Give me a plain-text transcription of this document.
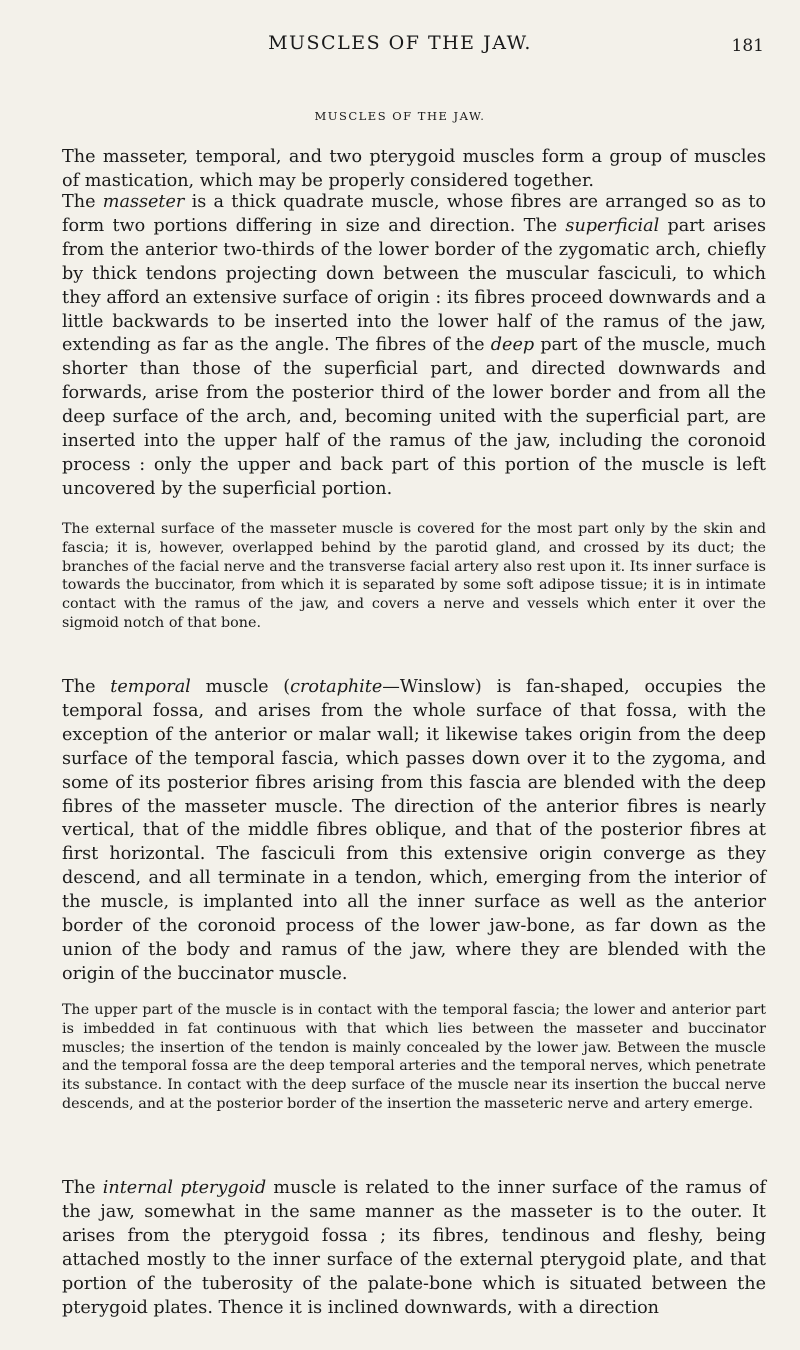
MUSCLES OF THE JAW.	181
MUSCLES OF THE JAW.

The masseter, temporal, and two pterygoid muscles form a group of muscles of mastication, which may be properly considered together.

The masseter is a thick quadrate muscle, whose fibres are arranged so as to form two portions differing in size and direction. The superficial part arises from the anterior two-thirds of the lower border of the zygomatic arch, chiefly by thick tendons projecting down between the muscular fasciculi, to which they afford an extensive surface of origin : its fibres proceed downwards and a little backwards to be inserted into the lower half of the ramus of the jaw, extending as far as the angle. The fibres of the deep part of the muscle, much shorter than those of the superficial part, and directed downwards and forwards, arise from the posterior third of the lower border and from all the deep surface of the arch, and, becoming united with the superficial part, are inserted into the upper half of the ramus of the jaw, including the coronoid process : only the upper and back part of this portion of the muscle is left uncovered by the superficial portion.

The external surface of the masseter muscle is covered for the most part only by the skin and fascia; it is, however, overlapped behind by the parotid gland, and crossed by its duct; the branches of the facial nerve and the transverse facial artery also rest upon it. Its inner surface is towards the buccinator, from which it is separated by some soft adipose tissue; it is in intimate contact with the ramus of the jaw, and covers a nerve and vessels which enter it over the sigmoid notch of that bone.

The temporal muscle (crotaphite—Winslow) is fan-shaped, occupies the temporal fossa, and arises from the whole surface of that fossa, with the exception of the anterior or malar wall; it likewise takes origin from the deep surface of the temporal fascia, which passes down over it to the zygoma, and some of its posterior fibres arising from this fascia are blended with the deep fibres of the masseter muscle. The direction of the anterior fibres is nearly vertical, that of the middle fibres oblique, and that of the posterior fibres at first horizontal. The fasciculi from this extensive origin converge as they descend, and all terminate in a tendon, which, emerging from the interior of the muscle, is implanted into all the inner surface as well as the anterior border of the coronoid process of the lower jaw-bone, as far down as the union of the body and ramus of the jaw, where they are blended with the origin of the buccinator muscle.

The upper part of the muscle is in contact with the temporal fascia; the lower and anterior part is imbedded in fat continuous with that which lies between the masseter and buccinator muscles; the insertion of the tendon is mainly concealed by the lower jaw. Between the muscle and the temporal fossa are the deep temporal arteries and the temporal nerves, which penetrate its substance. In contact with the deep surface of the muscle near its insertion the buccal nerve descends, and at the posterior border of the insertion the masseteric nerve and artery emerge.

The internal pterygoid muscle is related to the inner surface of the ramus of the jaw, somewhat in the same manner as the masseter is to the outer. It arises from the pterygoid fossa ; its fibres, tendinous and fleshy, being attached mostly to the inner surface of the external pterygoid plate, and that portion of the tuberosity of the palate-bone which is situated between the pterygoid plates. Thence it is inclined downwards, with a direction
